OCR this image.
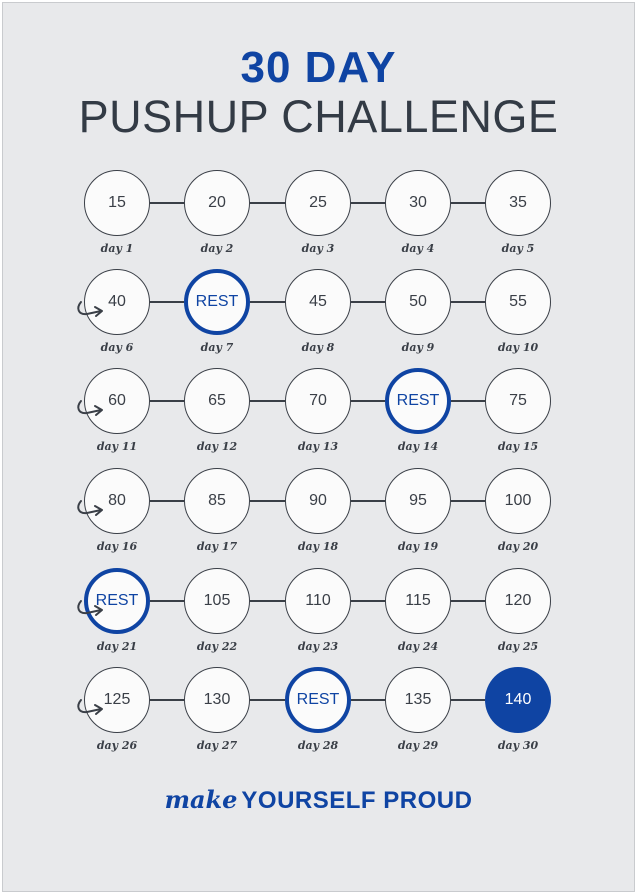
30 DAY
PUSHUP CHALLENGE
15
day 1
20
day 2
25
day 3
30
day 4
35
day 5
40
day 6
REST
day 7
45
day 8
50
day 9
55
day 10
60
day 11
65
day 12
70
day 13
REST
day 14
75
day 15
80
day 16
85
day 17
90
day 18
95
day 19
100
day 20
REST
day 21
105
day 22
110
day 23
115
day 24
120
day 25
125
day 26
130
day 27
REST
day 28
135
day 29
140
day 30
make YOURSELF PROUD
